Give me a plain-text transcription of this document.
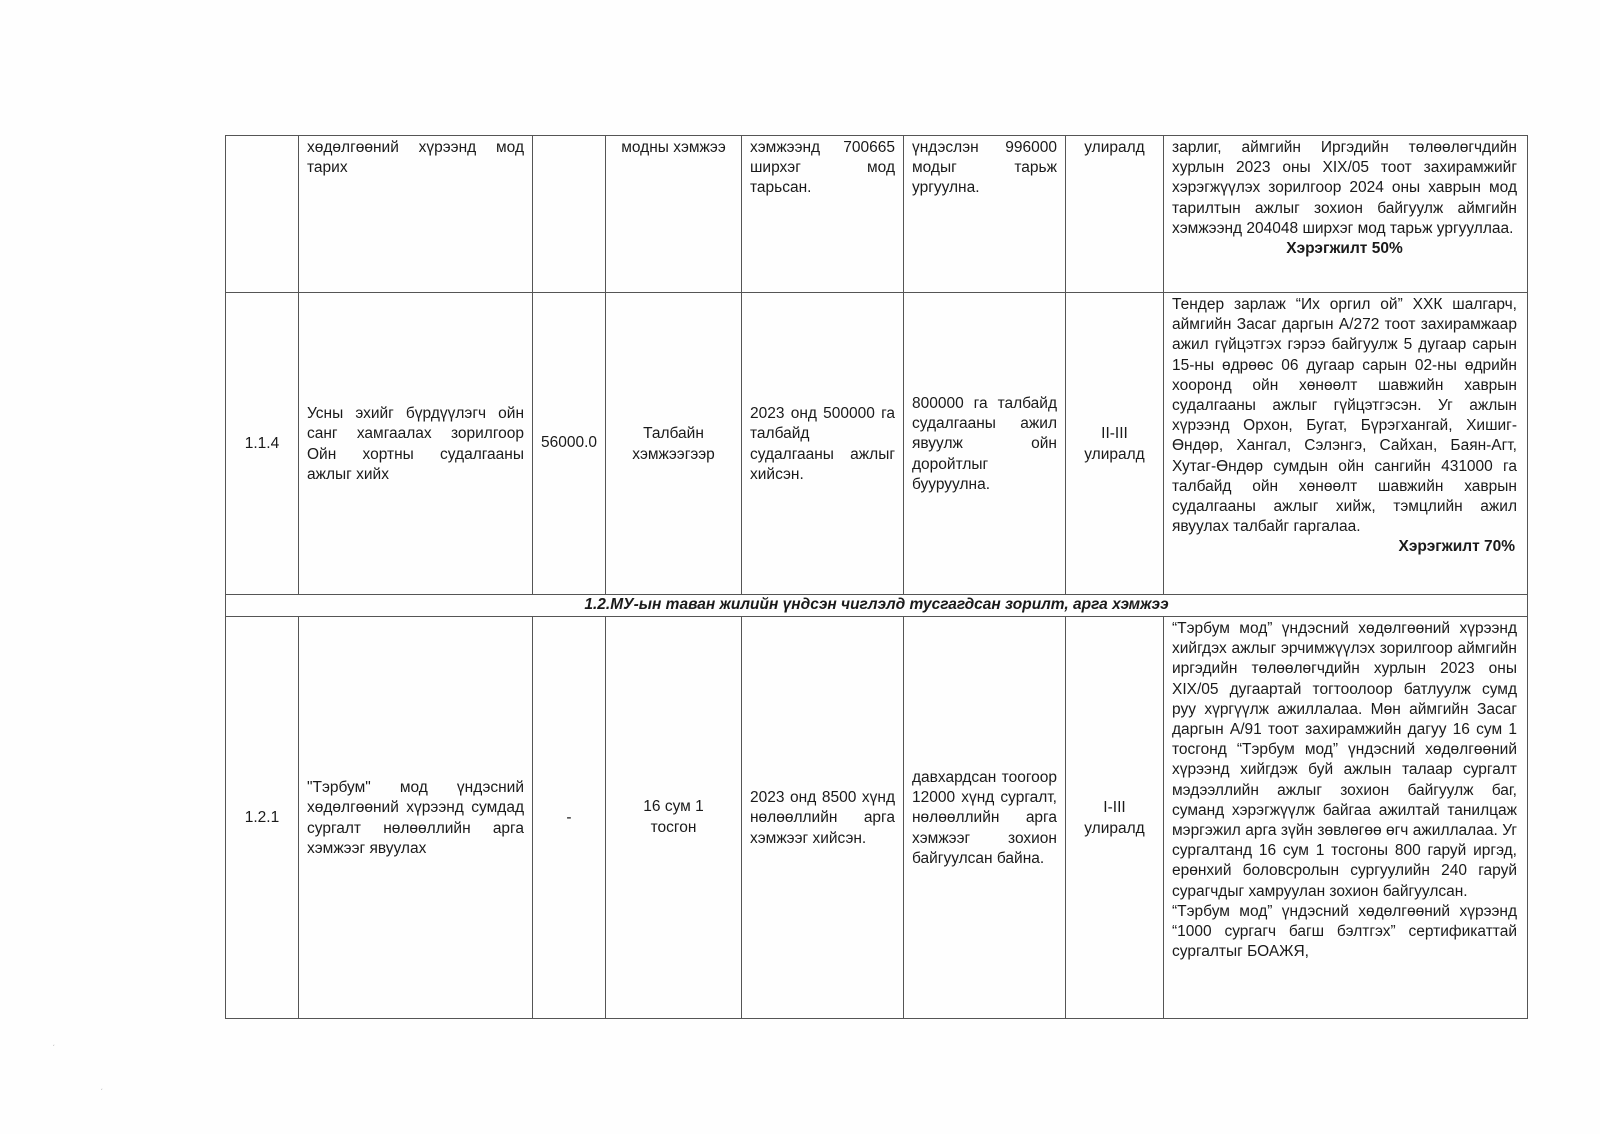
	хөдөлгөөний хүрээнд мод тарих		модны хэмжээ	хэмжээнд 700665 ширхэг мод тарьсан.	үндэслэн 996000 модыг тарьж ургуулна.	улиралд	зарлиг, аймгийн Иргэдийн төлөөлөгчдийн хурлын 2023 оны XIX/05 тоот захирамжийг хэрэгжүүлэх зорилгоор 2024 оны хаврын мод тарилтын ажлыг зохион байгуулж аймгийн хэмжээнд 204048 ширхэг мод тарьж ургууллаа.
Хэрэгжилт 50%

1.1.4	Усны эхийг бүрдүүлэгч ойн санг хамгаалах зорилгоор Ойн хортны судалгааны ажлыг хийх	56000.0	Талбайн хэмжээгээр	2023 онд 500000 га талбайд судалгааны ажлыг хийсэн.	800000 га талбайд судалгааны ажил явуулж ойн доройтлыг бууруулна.	II-III улиралд	Тендер зарлаж “Их оргил ой” ХХК шалгарч, аймгийн Засаг даргын А/272 тоот захирамжаар ажил гүйцэтгэх гэрээ байгуулж 5 дугаар сарын 15-ны өдрөөс 06 дугаар сарын 02-ны өдрийн хооронд ойн хөнөөлт шавжийн хаврын судалгааны ажлыг гүйцэтгэсэн. Уг ажлын хүрээнд Орхон, Бугат, Бүрэгхангай, Хишиг-Өндөр, Хангал, Сэлэнгэ, Сайхан, Баян-Агт, Хутаг-Өндөр сумдын ойн сангийн 431000 га талбайд ойн хөнөөлт шавжийн хаврын судалгааны ажлыг хийж, тэмцлийн ажил явуулах талбайг гаргалаа.
Хэрэгжилт 70%

1.2.МУ-ын таван жилийн үндсэн чиглэлд тусгагдсан зорилт, арга хэмжээ							
1.2.1	"Тэрбум" мод үндэсний хөдөлгөөний хүрээнд сумдад сургалт нөлөөллийн арга хэмжээг явуулах	-	16 сум 1 тосгон	2023 онд 8500 хүнд нөлөөллийн арга хэмжээг хийсэн.	давхардсан тоогоор 12000 хүнд сургалт, нөлөөллийн арга хэмжээг зохион байгуулсан байна.	I-III улиралд	“Тэрбум мод” үндэсний хөдөлгөөний хүрээнд хийгдэх ажлыг эрчимжүүлэх зорилгоор аймгийн иргэдийн төлөөлөгчдийн хурлын 2023 оны XIX/05 дугаартай тогтоолоор батлуулж сумд руу хүргүүлж ажиллалаа. Мөн аймгийн Засаг даргын А/91 тоот захирамжийн дагуу 16 сум 1 тосгонд “Тэрбум мод” үндэсний хөдөлгөөний хүрээнд хийгдэж буй ажлын талаар сургалт мэдээллийн ажлыг зохион байгуулж баг, суманд хэрэгжүүлж байгаа ажилтай танилцаж мэргэжил арга зүйн зөвлөгөө өгч ажиллалаа. Уг сургалтанд 16 сум 1 тосгоны 800 гаруй иргэд, ерөнхий боловсролын сургуулийн 240 гаруй сурагчдыг хамруулан зохион байгуулсан.
“Тэрбум мод” үндэсний хөдөлгөөний хүрээнд “1000 сургагч багш бэлтгэх” сертификаттай сургалтыг БОАЖЯ,
ˏ
ˏ
